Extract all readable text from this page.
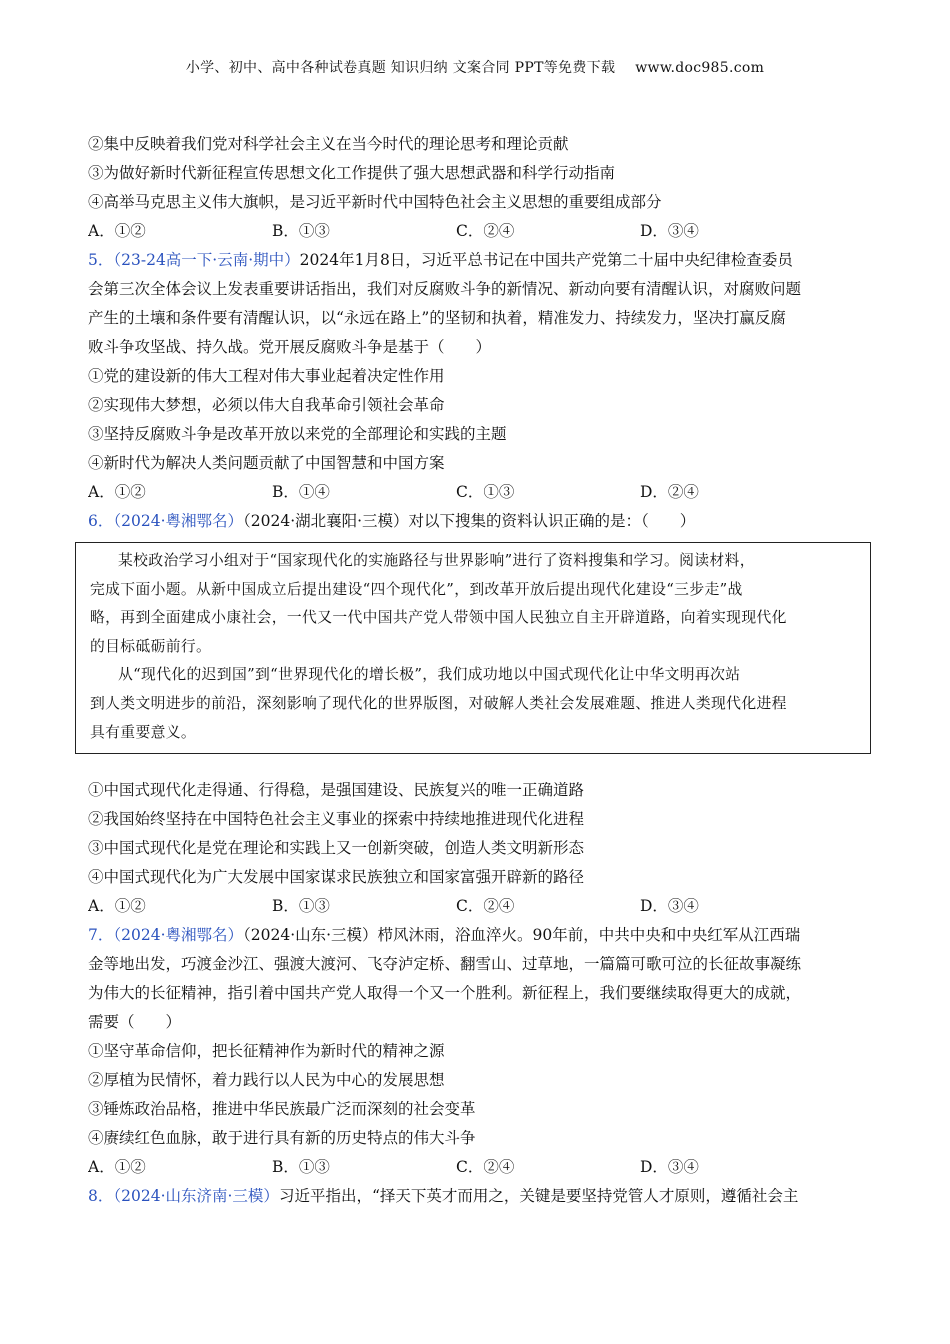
小学、初中、高中各种试卷真题 知识归纳 文案合同 PPT等免费下载 www.doc985.com
②集中反映着我们党对科学社会主义在当今时代的理论思考和理论贡献
③为做好新时代新征程宣传思想文化工作提供了强大思想武器和科学行动指南
④高举马克思主义伟大旗帜，是习近平新时代中国特色社会主义思想的重要组成部分
A．①②	B．①③	C．②④	D．③④
5．（23-24高一下·云南·期中）2024年1月8日，习近平总书记在中国共产党第二十届中央纪律检查委员
会第三次全体会议上发表重要讲话指出，我们对反腐败斗争的新情况、新动向要有清醒认识，对腐败问题
产生的土壤和条件要有清醒认识，以“永远在路上”的坚韧和执着，精准发力、持续发力，坚决打赢反腐
败斗争攻坚战、持久战。党开展反腐败斗争是基于（　　）
①党的建设新的伟大工程对伟大事业起着决定性作用
②实现伟大梦想，必须以伟大自我革命引领社会革命
③坚持反腐败斗争是改革开放以来党的全部理论和实践的主题
④新时代为解决人类问题贡献了中国智慧和中国方案
A．①②	B．①④	C．①③	D．②④
6．（2024·粤湘鄂名）（2024·湖北襄阳·三模）对以下搜集的资料认识正确的是：（　　）
某校政治学习小组对于“国家现代化的实施路径与世界影响”进行了资料搜集和学习。阅读材料，
完成下面小题。从新中国成立后提出建设“四个现代化”，到改革开放后提出现代化建设“三步走”战
略，再到全面建成小康社会，一代又一代中国共产党人带领中国人民独立自主开辟道路，向着实现现代化
的目标砥砺前行。
从“现代化的迟到国”到“世界现代化的增长极”，我们成功地以中国式现代化让中华文明再次站
到人类文明进步的前沿，深刻影响了现代化的世界版图，对破解人类社会发展难题、推进人类现代化进程
具有重要意义。
①中国式现代化走得通、行得稳，是强国建设、民族复兴的唯一正确道路
②我国始终坚持在中国特色社会主义事业的探索中持续地推进现代化进程
③中国式现代化是党在理论和实践上又一创新突破，创造人类文明新形态
④中国式现代化为广大发展中国家谋求民族独立和国家富强开辟新的路径
A．①②	B．①③	C．②④	D．③④
7．（2024·粤湘鄂名）（2024·山东·三模）栉风沐雨，浴血淬火。90年前，中共中央和中央红军从江西瑞
金等地出发，巧渡金沙江、强渡大渡河、飞夺泸定桥、翻雪山、过草地，一篇篇可歌可泣的长征故事凝练
为伟大的长征精神，指引着中国共产党人取得一个又一个胜利。新征程上，我们要继续取得更大的成就，
需要（　　）
①坚守革命信仰，把长征精神作为新时代的精神之源
②厚植为民情怀，着力践行以人民为中心的发展思想
③锤炼政治品格，推进中华民族最广泛而深刻的社会变革
④赓续红色血脉，敢于进行具有新的历史特点的伟大斗争
A．①②	B．①③	C．②④	D．③④
8．（2024·山东济南·三模）习近平指出，“择天下英才而用之，关键是要坚持党管人才原则，遵循社会主
